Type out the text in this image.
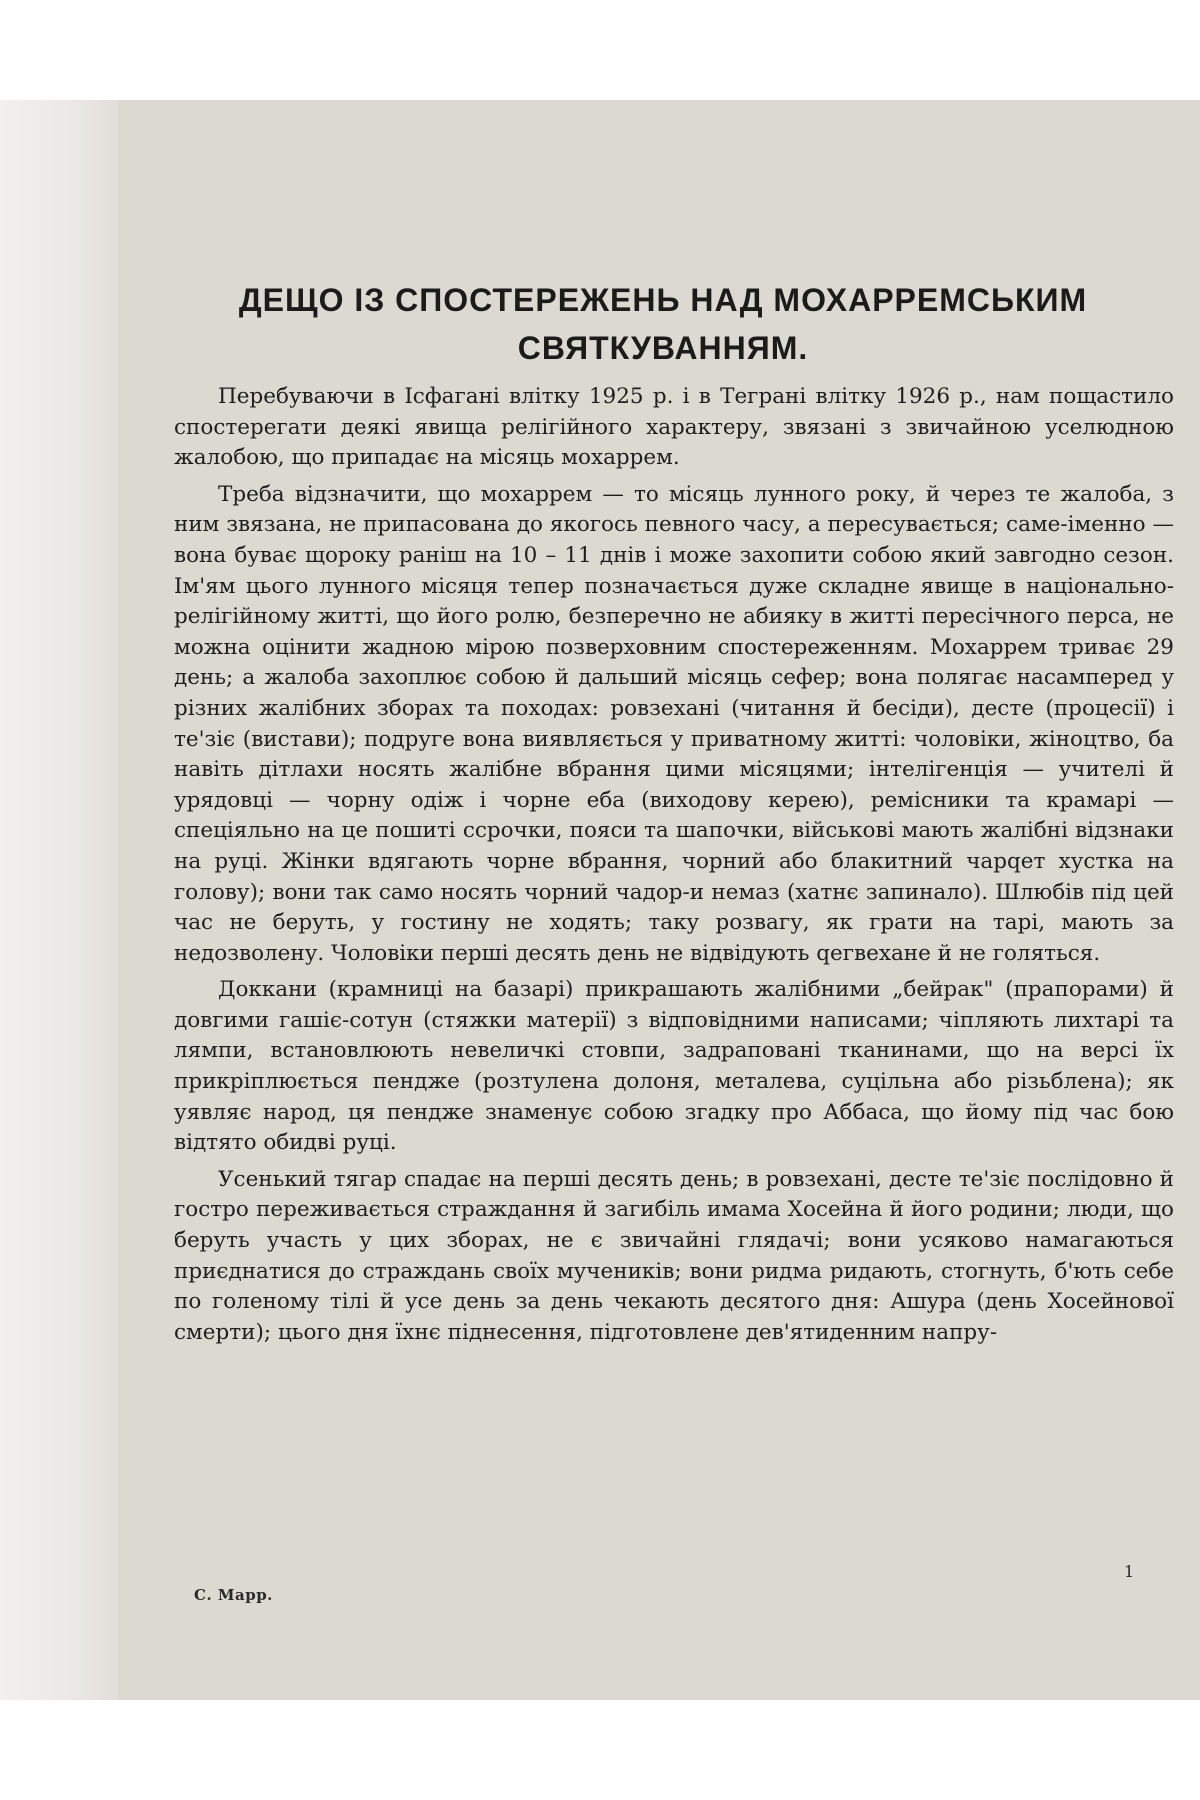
ДЕЩО ІЗ СПОСТЕРЕЖЕНЬ НАД МОХАРРЕМСЬКИМ СВЯТКУВАННЯМ.

Перебуваючи в Ісфагані влітку 1925 р. і в Теграні влітку 1926 р., нам пощастило спостерегати деякі явища релігійного характеру, звязані з звичайною уселюдною жалобою, що припадає на місяць мохаррем.

Треба відзначити, що мохаррем — то місяць лунного року, й через те жалоба, з ним звязана, не припасована до якогось певного часу, а пересувається; саме-іменно — вона буває щороку раніш на 10 – 11 днів і може захопити собою який завгодно сезон. Ім'ям цього лунного місяця тепер позначається дуже складне явище в національно-релігійному житті, що його ролю, безперечно не абияку в житті пересічного перса, не можна оцінити жадною мірою позверховним спостереженням. Мохаррем триває 29 день; а жалоба захоплює собою й дальший місяць сефер; вона полягає насамперед у різних жалібних зборах та походах: ровзехані (читання й бесіди), десте (процесії) і те'зіє (вистави); подруге вона виявляється у приватному житті: чоловіки, жіноцтво, ба навіть дітлахи носять жалібне вбрання цими місяцями; інтелігенція — учителі й урядовці — чорну одіж і чорне еба (виходову керею), ремісники та крамарі — спеціяльно на це пошиті ссрочки, пояси та шапочки, військові мають жалібні відзнаки на руці. Жінки вдягають чорне вбрання, чорний або блакитний чарqет хустка на голову); вони так само носять чорний чадор-и немаз (хатнє запинало). Шлюбів під цей час не беруть, у гостину не ходять; таку розвагу, як грати на тарі, мають за недозволену. Чоловіки перші десять день не відвідують qегвехане й не голяться.

Доккани (крамниці на базарі) прикрашають жалібними „бейрак" (прапорами) й довгими гашіє-сотун (стяжки матерії) з відповідними написами; чіпляють лихтарі та лямпи, встановлюють невеличкі стовпи, задраповані тканинами, що на версі їх прикріплюється пендже (розтулена долоня, металева, суцільна або різьблена); як уявляє народ, ця пендже знаменує собою згадку про Аббаса, що йому під час бою відтято обидві руці.

Усенький тягар спадає на перші десять день; в ровзехані, десте те'зіє послідовно й гостро переживається страждання й загибіль имама Хосейна й його родини; люди, що беруть участь у цих зборах, не є звичайні глядачі; вони усяково намагаються приєднатися до страждань своїх мучеників; вони ридма ридають, стогнуть, б'ють себе по голеному тілі й усе день за день чекають десятого дня: Ашура (день Хосейнової смерти); цього дня їхнє піднесення, підготовлене дев'ятиденним напру-

1
С. Марр.
